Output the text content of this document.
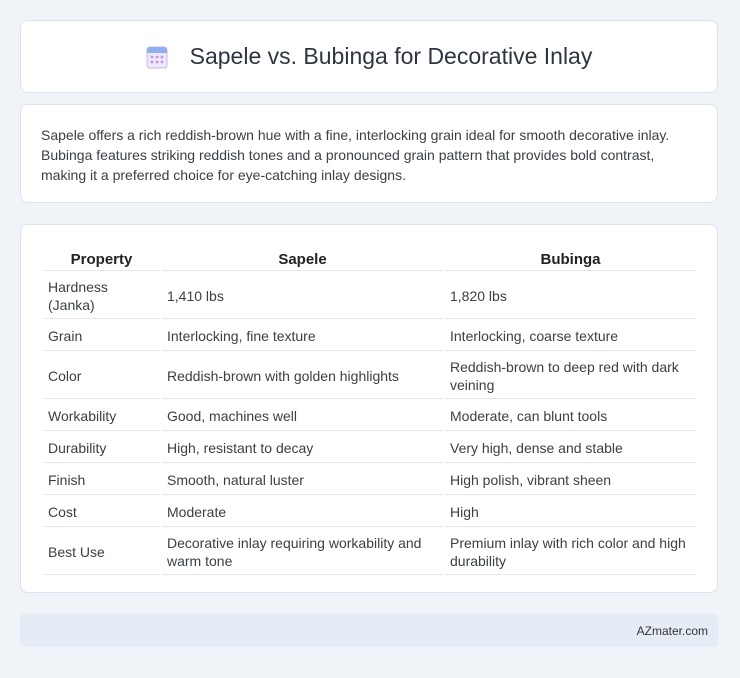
Sapele vs. Bubinga for Decorative Inlay

Sapele offers a rich reddish-brown hue with a fine, interlocking grain ideal for smooth decorative inlay. Bubinga features striking reddish tones and a pronounced grain pattern that provides bold contrast, making it a preferred choice for eye-catching inlay designs.

Property	Sapele	Bubinga
Hardness (Janka)	1,410 lbs	1,820 lbs
Grain	Interlocking, fine texture	Interlocking, coarse texture
Color	Reddish-brown with golden highlights	Reddish-brown to deep red with dark veining
Workability	Good, machines well	Moderate, can blunt tools
Durability	High, resistant to decay	Very high, dense and stable
Finish	Smooth, natural luster	High polish, vibrant sheen
Cost	Moderate	High
Best Use	Decorative inlay requiring workability and warm tone	Premium inlay with rich color and high durability
AZmater.com
